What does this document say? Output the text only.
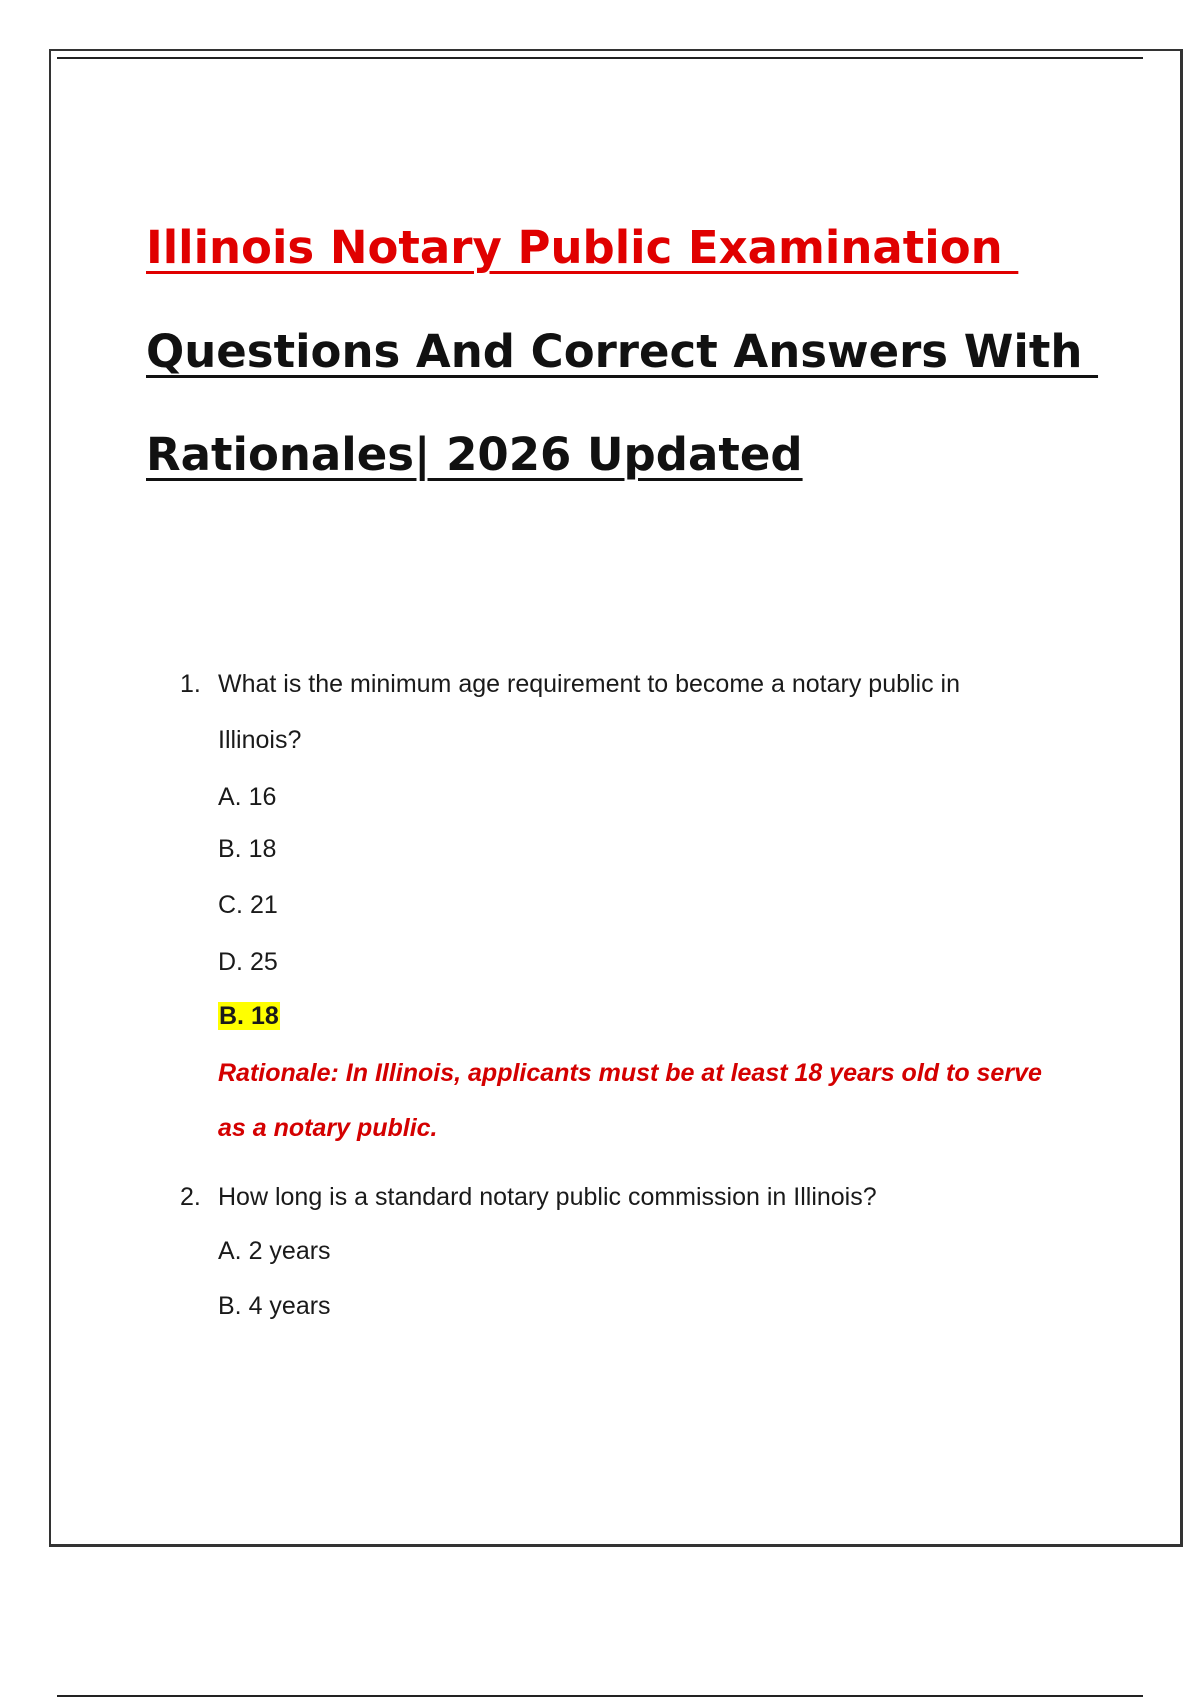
Illinois Notary Public Examination
Questions And Correct Answers With
Rationales| 2026 Updated
1. What is the minimum age requirement to become a notary public in
Illinois?
A. 16
B. 18
C. 21
D. 25
B. 18
Rationale: In Illinois, applicants must be at least 18 years old to serve
as a notary public.
2. How long is a standard notary public commission in Illinois?
A. 2 years
B. 4 years
